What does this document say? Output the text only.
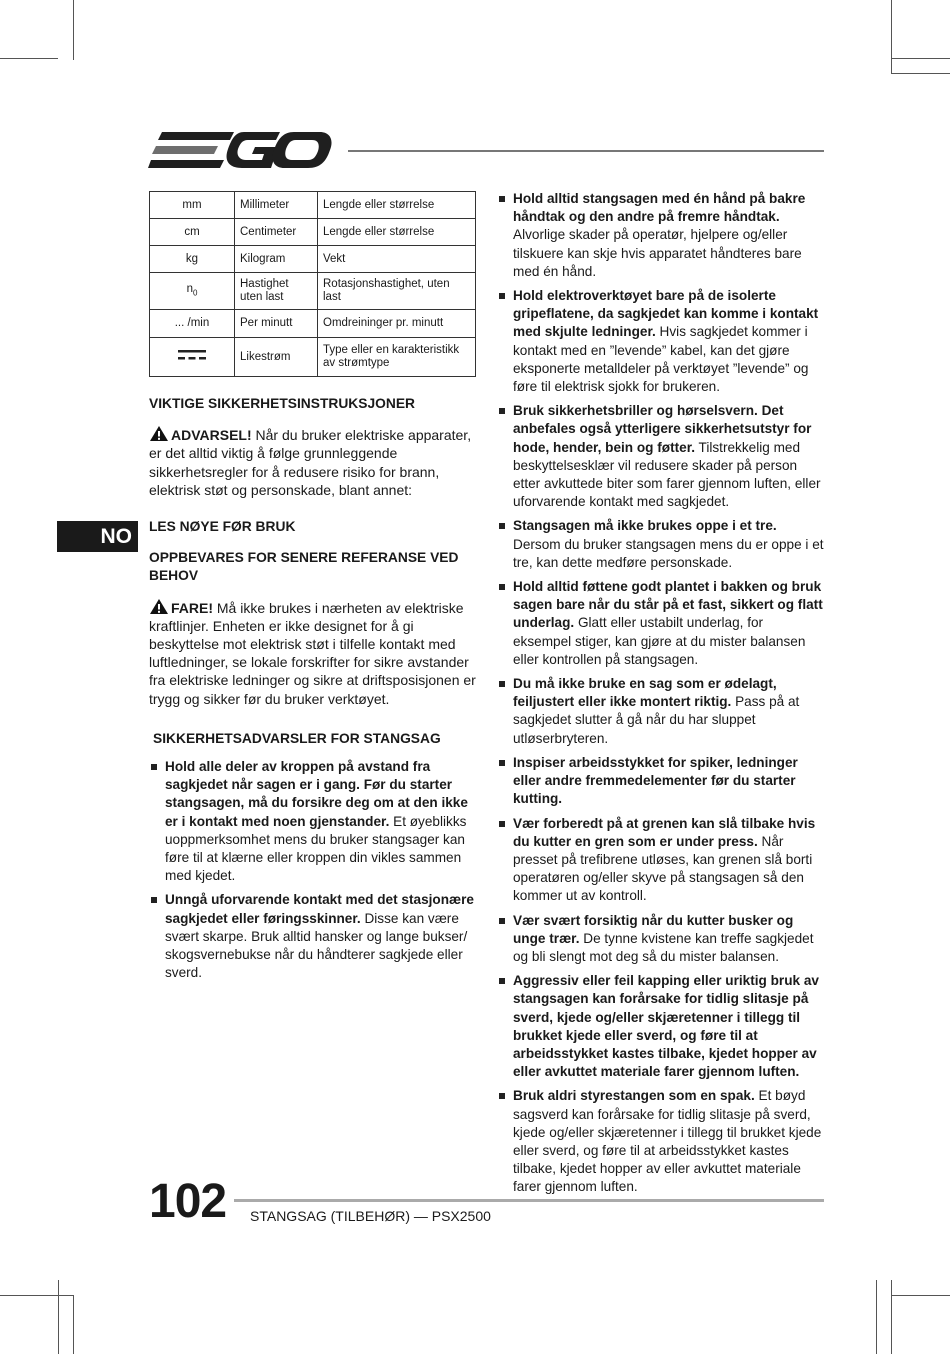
mm	Millimeter	Lengde eller størrelse
cm	Centimeter	Lengde eller størrelse
kg	Kilogram	Vekt
$n_0$	Hastighet uten last	Rotasjonshastighet, uten last
... /min	Per minutt	Omdreininger pr. minutt
	Likestrøm	Type eller en karakteristikk av strømtype

VIKTIGE SIKKERHETSINSTRUKSJONER

ADVARSEL! Når du bruker elektriske apparater, er det alltid viktig å følge grunnleggende sikkerhetsregler for å redusere risiko for brann, elektrisk støt og personskade, blant annet:

LES NØYE FØR BRUK

OPPBEVARES FOR SENERE REFERANSE VED BEHOV

FARE! Må ikke brukes i nærheten av elektriske kraftlinjer. Enheten er ikke designet for å gi beskyttelse mot elektrisk støt i tilfelle kontakt med luftledninger, se lokale forskrifter for sikre avstander fra elektriske ledninger og sikre at driftsposisjonen er trygg og sikker før du bruker verktøyet.

SIKKERHETSADVARSLER FOR STANGSAG

Hold alle deler av kroppen på avstand fra sagkjedet når sagen er i gang. Før du starter stangsagen, må du forsikre deg om at den ikke er i kontakt med noen gjenstander. Et øyeblikks uoppmerksomhet mens du bruker stangsager kan føre til at klærne eller kroppen din vikles sammen med kjedet.
Unngå uforvarende kontakt med det stasjonære sagkjedet eller føringsskinner. Disse kan være svært skarpe. Bruk alltid hansker og lange bukser/ skogsvernebukse når du håndterer sagkjede eller sverd.
NO
Hold alltid stangsagen med én hånd på bakre håndtak og den andre på fremre håndtak. Alvorlige skader på operatør, hjelpere og/eller tilskuere kan skje hvis apparatet håndteres bare med én hånd.
Hold elektroverktøyet bare på de isolerte gripeflatene, da sagkjedet kan komme i kontakt med skjulte ledninger. Hvis sagkjedet kommer i kontakt med en ”levende” kabel, kan det gjøre eksponerte metalldeler på verktøyet ”levende” og føre til elektrisk sjokk for brukeren.
Bruk sikkerhetsbriller og hørselsvern. Det anbefales også ytterligere sikkerhetsutstyr for hode, hender, bein og føtter. Tilstrekkelig med beskyttelsesklær vil redusere skader på person etter avkuttede biter som farer gjennom luften, eller uforvarende kontakt med sagkjedet.
Stangsagen må ikke brukes oppe i et tre. Dersom du bruker stangsagen mens du er oppe i et tre, kan dette medføre personskade.
Hold alltid føttene godt plantet i bakken og bruk sagen bare når du står på et fast, sikkert og flatt underlag. Glatt eller ustabilt underlag, for eksempel stiger, kan gjøre at du mister balansen eller kontrollen på stangsagen.
Du må ikke bruke en sag som er ødelagt, feiljustert eller ikke montert riktig. Pass på at sagkjedet slutter å gå når du har sluppet utløserbryteren.
Inspiser arbeidsstykket for spiker, ledninger eller andre fremmedelementer før du starter kutting.
Vær forberedt på at grenen kan slå tilbake hvis du kutter en gren som er under press. Når presset på trefibrene utløses, kan grenen slå borti operatøren og/eller skyve på stangsagen så den kommer ut av kontroll.
Vær svært forsiktig når du kutter busker og unge trær. De tynne kvistene kan treffe sagkjedet og bli slengt mot deg så du mister balansen.
Aggressiv eller feil kapping eller uriktig bruk av stangsagen kan forårsake for tidlig slitasje på sverd, kjede og/eller skjæretenner i tillegg til brukket kjede eller sverd, og føre til at arbeidsstykket kastes tilbake, kjedet hopper av eller avkuttet materiale farer gjennom luften.
Bruk aldri styrestangen som en spak. Et bøyd sagsverd kan forårsake for tidlig slitasje på sverd, kjede og/eller skjæretenner i tillegg til brukket kjede eller sverd, og føre til at arbeidsstykket kastes tilbake, kjedet hopper av eller avkuttet materiale farer gjennom luften.
102 STANGSAG (TILBEHØR) — PSX2500
